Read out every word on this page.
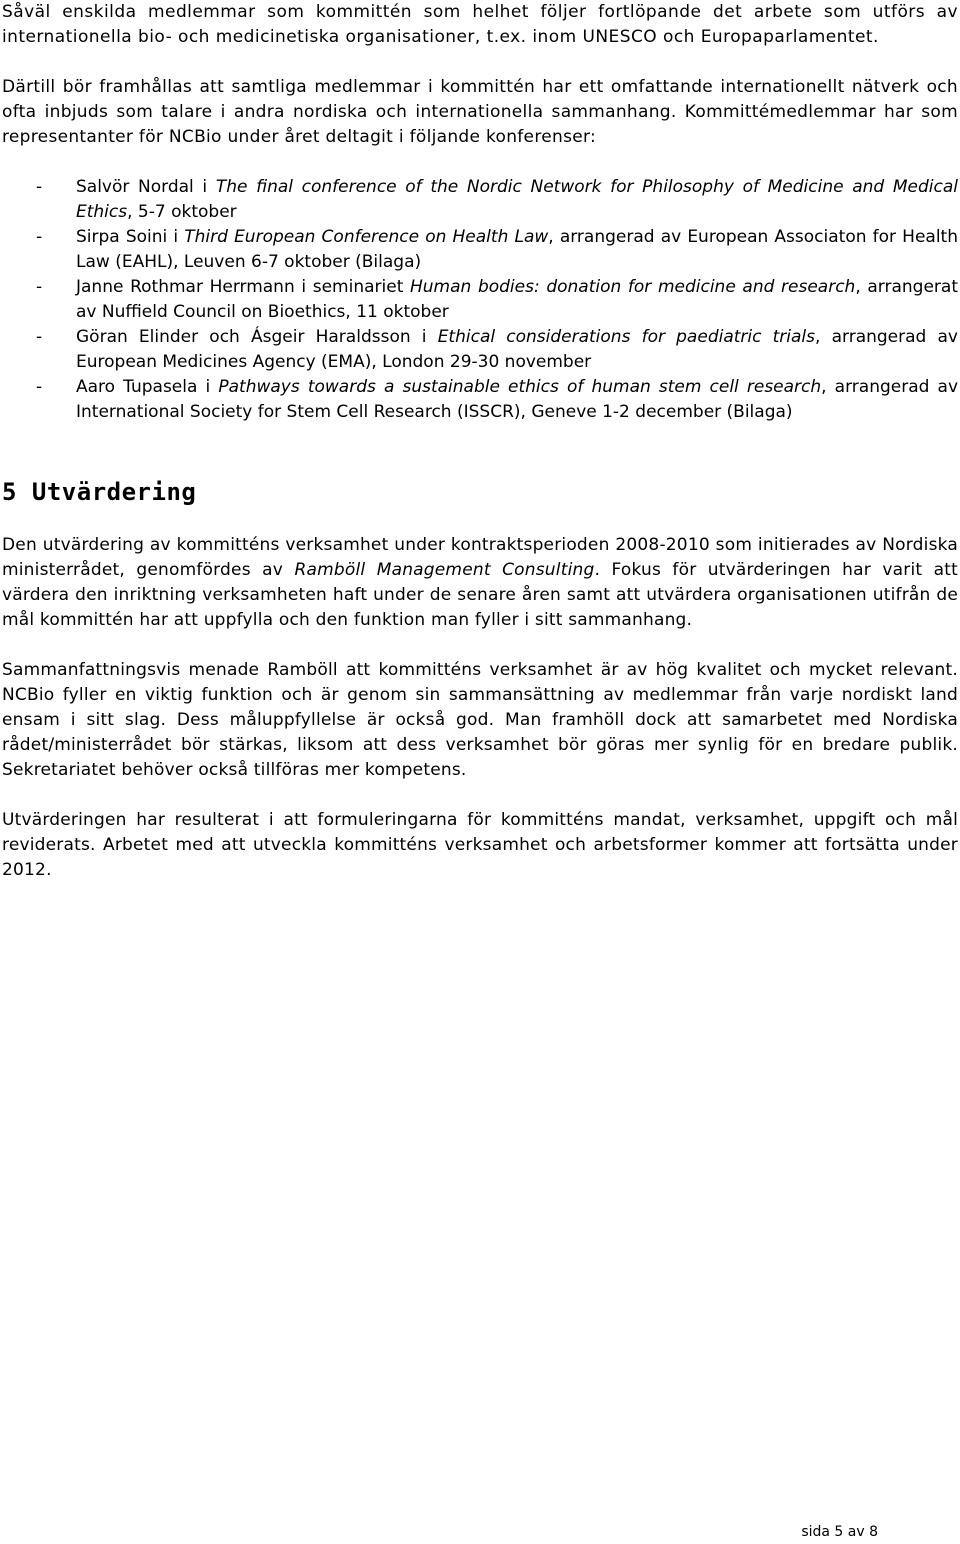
Såväl enskilda medlemmar som kommittén som helhet följer fortlöpande det arbete som utförs av internationella bio- och medicinetiska organisationer, t.ex. inom UNESCO och Europaparlamentet.

Därtill bör framhållas att samtliga medlemmar i kommittén har ett omfattande internationellt nätverk och ofta inbjuds som talare i andra nordiska och internationella sammanhang. Kommittémedlemmar har som representanter för NCBio under året deltagit i följande konferenser:

- Salvör Nordal i The final conference of the Nordic Network for Philosophy of Medicine and Medical Ethics, 5-7 oktober
- Sirpa Soini i Third European Conference on Health Law, arrangerad av European Associaton for Health Law (EAHL), Leuven 6-7 oktober (Bilaga)
- Janne Rothmar Herrmann i seminariet Human bodies: donation for medicine and research, arrangerat av Nuffield Council on Bioethics, 11 oktober
- Göran Elinder och Ásgeir Haraldsson i Ethical considerations for paediatric trials, arrangerad av European Medicines Agency (EMA), London 29-30 november
- Aaro Tupasela i Pathways towards a sustainable ethics of human stem cell research, arrangerad av International Society for Stem Cell Research (ISSCR), Geneve 1-2 december (Bilaga)
5 Utvärdering

Den utvärdering av kommitténs verksamhet under kontraktsperioden 2008-2010 som initierades av Nordiska ministerrådet, genomfördes av Ramböll Management Consulting. Fokus för utvärderingen har varit att värdera den inriktning verksamheten haft under de senare åren samt att utvärdera organisationen utifrån de mål kommittén har att uppfylla och den funktion man fyller i sitt sammanhang.

Sammanfattningsvis menade Ramböll att kommitténs verksamhet är av hög kvalitet och mycket relevant. NCBio fyller en viktig funktion och är genom sin sammansättning av medlemmar från varje nordiskt land ensam i sitt slag. Dess måluppfyllelse är också god. Man framhöll dock att samarbetet med Nordiska rådet/ministerrådet bör stärkas, liksom att dess verksamhet bör göras mer synlig för en bredare publik. Sekretariatet behöver också tillföras mer kompetens.

Utvärderingen har resulterat i att formuleringarna för kommitténs mandat, verksamhet, uppgift och mål reviderats. Arbetet med att utveckla kommitténs verksamhet och arbetsformer kommer att fortsätta under 2012.

sida 5 av 8
